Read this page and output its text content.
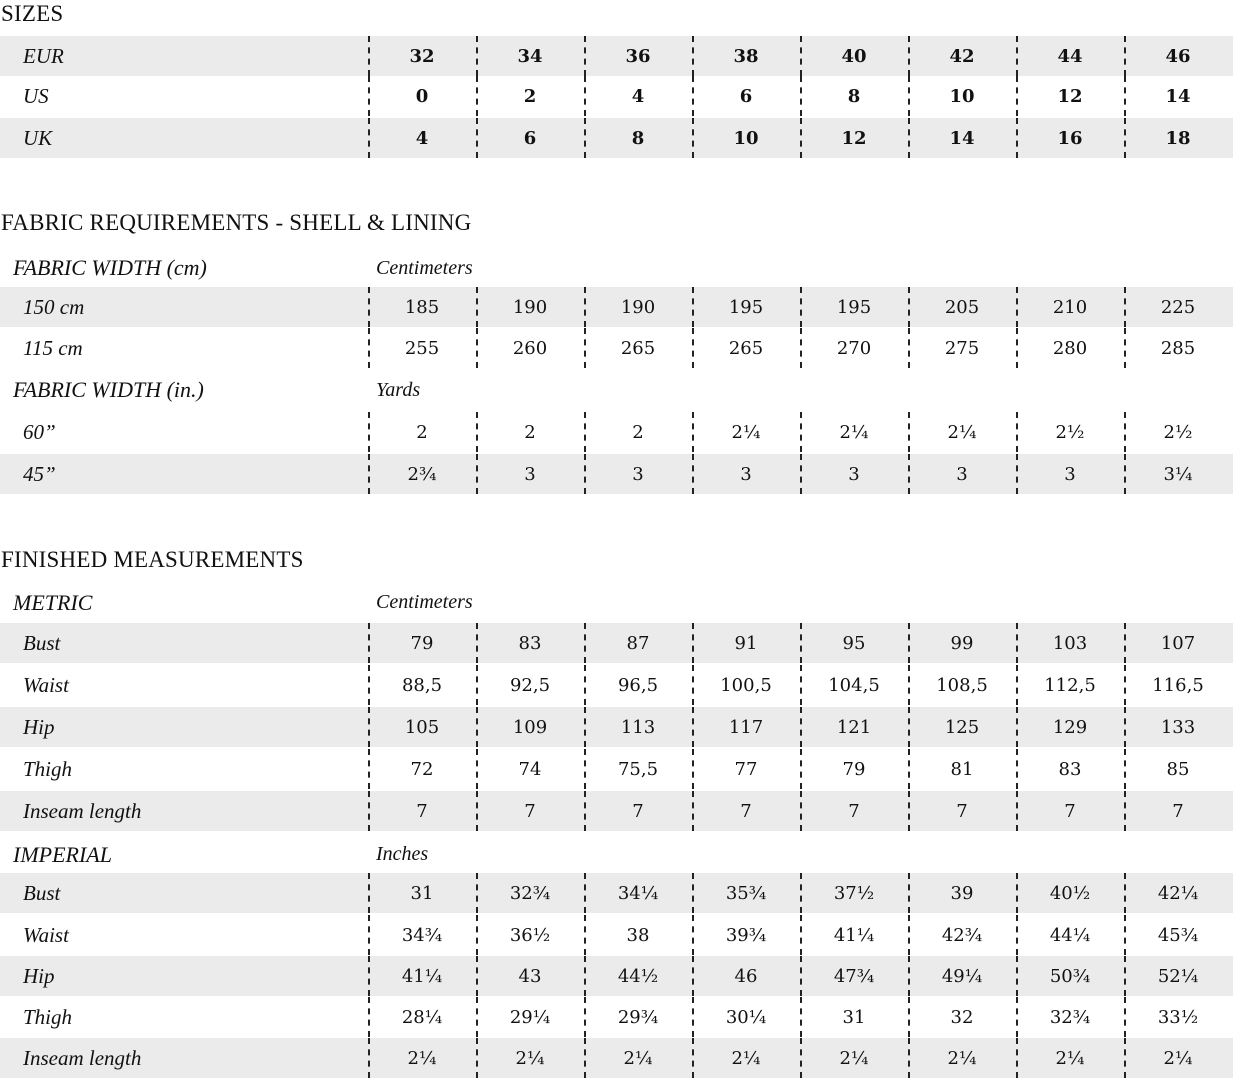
SIZES
EUR	32	34	36	38	40	42	44	46
US	0	2	4	6	8	10	12	14
UK	4	6	8	10	12	14	16	18
FABRIC REQUIREMENTS - SHELL & LINING
FABRIC WIDTH (cm)	Centimeters
150 cm	185	190	190	195	195	205	210	225
115 cm	255	260	265	265	270	275	280	285
FABRIC WIDTH (in.)	Yards
60”	2	2	2	2¼	2¼	2¼	2½	2½
45”	2¾	3	3	3	3	3	3	3¼
FINISHED MEASUREMENTS
METRIC	Centimeters
Bust	79	83	87	91	95	99	103	107
Waist	88,5	92,5	96,5	100,5	104,5	108,5	112,5	116,5
Hip	105	109	113	117	121	125	129	133
Thigh	72	74	75,5	77	79	81	83	85
Inseam length	7	7	7	7	7	7	7	7
IMPERIAL	Inches
Bust	31	32¾	34¼	35¾	37½	39	40½	42¼
Waist	34¾	36½	38	39¾	41¼	42¾	44¼	45¾
Hip	41¼	43	44½	46	47¾	49¼	50¾	52¼
Thigh	28¼	29¼	29¾	30¼	31	32	32¾	33½
Inseam length	2¼	2¼	2¼	2¼	2¼	2¼	2¼	2¼
